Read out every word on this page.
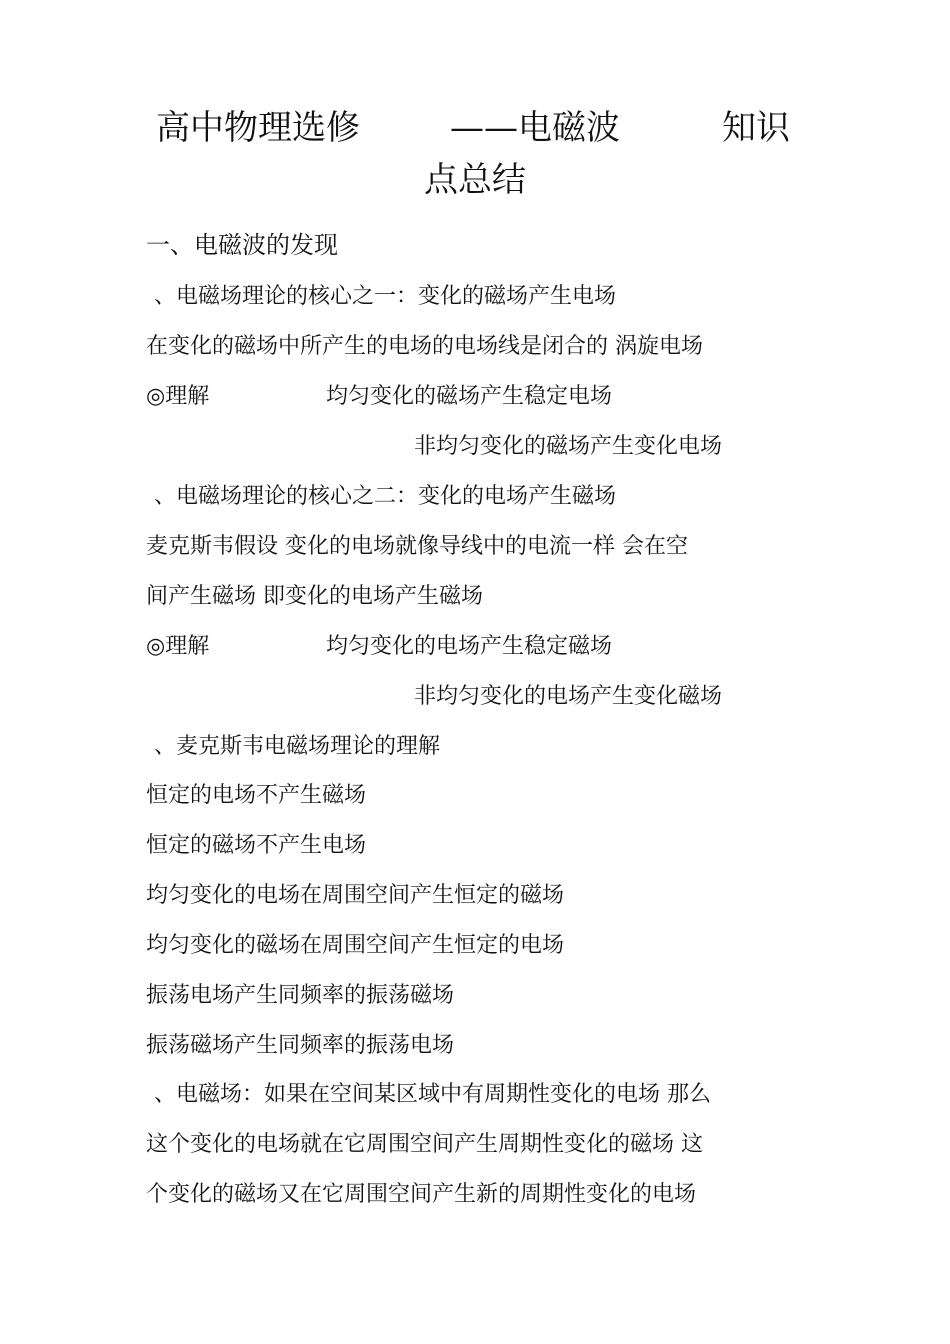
高中物理选修	——电磁波	知识
点总结
一、电磁波的发现
、电磁场理论的核心之一：变化的磁场产生电场
在变化的磁场中所产生的电场的电场线是闭合的 涡旋电场
◎理解	均匀变化的磁场产生稳定电场
非均匀变化的磁场产生变化电场
、电磁场理论的核心之二：变化的电场产生磁场
麦克斯韦假设 变化的电场就像导线中的电流一样 会在空
间产生磁场 即变化的电场产生磁场
◎理解	均匀变化的电场产生稳定磁场
非均匀变化的电场产生变化磁场
、麦克斯韦电磁场理论的理解
恒定的电场不产生磁场
恒定的磁场不产生电场
均匀变化的电场在周围空间产生恒定的磁场
均匀变化的磁场在周围空间产生恒定的电场
振荡电场产生同频率的振荡磁场
振荡磁场产生同频率的振荡电场
、电磁场：如果在空间某区域中有周期性变化的电场 那么
这个变化的电场就在它周围空间产生周期性变化的磁场 这
个变化的磁场又在它周围空间产生新的周期性变化的电场
